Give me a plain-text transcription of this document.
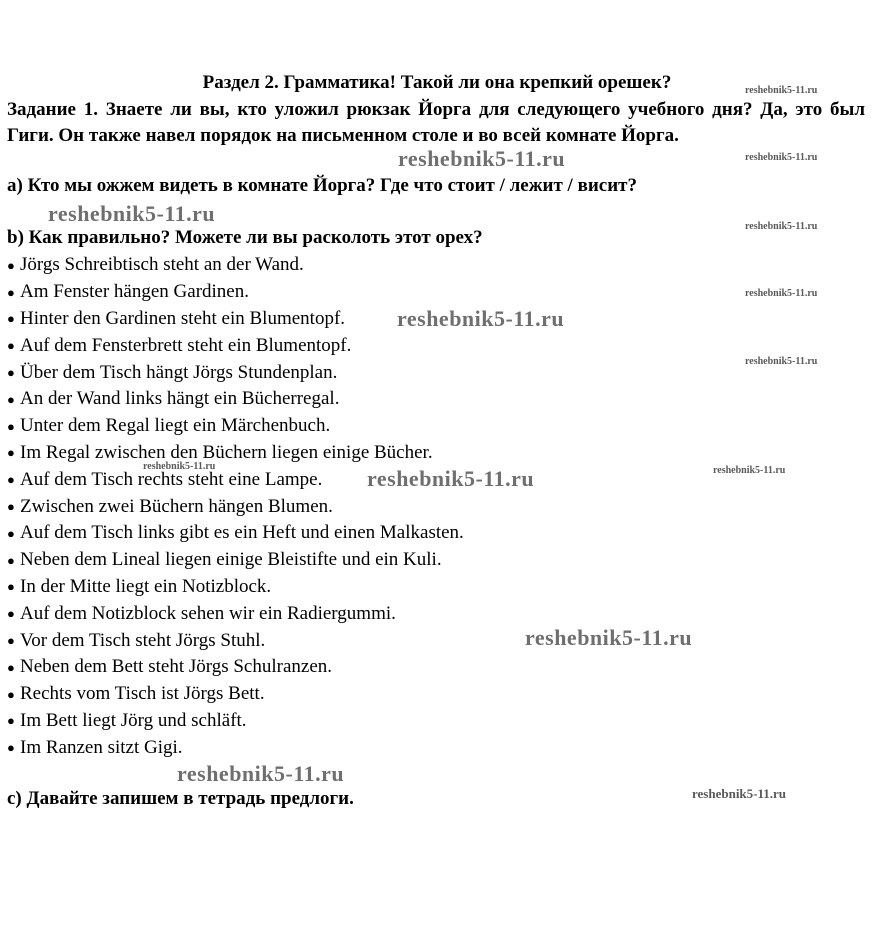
Раздел 2. Грамматика! Такой ли она крепкий орешек?
Задание 1. Знаете ли вы, кто уложил рюкзак Йорга для следующего учебного дня? Да, это был Гиги. Он также навел порядок на письменном столе и во всей комнате Йорга.
a) Кто мы ожжем видеть в комнате Йорга? Где что стоит / лежит / висит?
b) Как правильно? Можете ли вы расколоть этот орех?
● Jörgs Schreibtisch steht an der Wand.
● Am Fenster hängen Gardinen.
● Hinter den Gardinen steht ein Blumentopf.
● Auf dem Fensterbrett steht ein Blumentopf.
● Über dem Tisch hängt Jörgs Stundenplan.
● An der Wand links hängt ein Bücherregal.
● Unter dem Regal liegt ein Märchenbuch.
● Im Regal zwischen den Büchern liegen einige Bücher.
● Auf dem Tisch rechts steht eine Lampe.
● Zwischen zwei Büchern hängen Blumen.
● Auf dem Tisch links gibt es ein Heft und einen Malkasten.
● Neben dem Lineal liegen einige Bleistifte und ein Kuli.
● In der Mitte liegt ein Notizblock.
● Auf dem Notizblock sehen wir ein Radiergummi.
● Vor dem Tisch steht Jörgs Stuhl.
● Neben dem Bett steht Jörgs Schulranzen.
● Rechts vom Tisch ist Jörgs Bett.
● Im Bett liegt Jörg und schläft.
● Im Ranzen sitzt Gigi.
c) Давайте запишем в тетрадь предлоги.
reshebnik5-11.ru
reshebnik5-11.ru
reshebnik5-11.ru
reshebnik5-11.ru
reshebnik5-11.ru
reshebnik5-11.ru
reshebnik5-11.ru
reshebnik5-11.ru
reshebnik5-11.ru
reshebnik5-11.ru
reshebnik5-11.ru
reshebnik5-11.ru
reshebnik5-11.ru
reshebnik5-11.ru
